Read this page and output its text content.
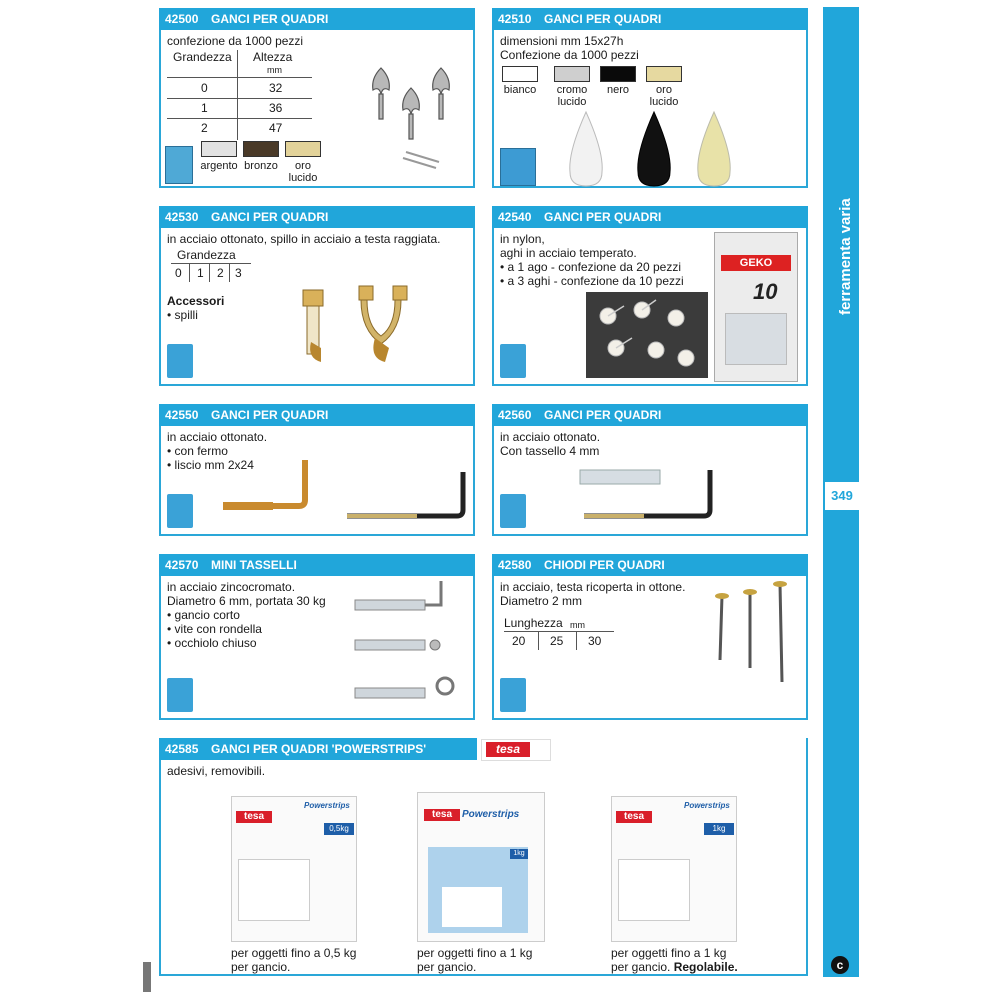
ferramenta varia
349
c
42500 GANCI PER QUADRI
confezione da 1000 pezzi
Grandezza Altezza
mm
0	32
1	36
2	47
argento bronzo	oro
lucido
42510 GANCI PER QUADRI
dimensioni mm 15x27h
Confezione da 1000 pezzi
bianco	cromo
lucido
nero	oro
lucido
42530 GANCI PER QUADRI
in acciaio ottonato, spillo in acciaio a testa raggiata.
Grandezza
0 1 2 3
Accessori
• spilli
42540 GANCI PER QUADRI
in nylon,
aghi in acciaio temperato.
• a 1 ago - confezione da 20 pezzi
• a 3 aghi - confezione da 10 pezzi
GEKO
10
42550 GANCI PER QUADRI
in acciaio ottonato.
• con fermo
• liscio mm 2x24
42560 GANCI PER QUADRI
in acciaio ottonato.
Con tassello 4 mm
42570 MINI TASSELLI
in acciaio zincocromato.
Diametro 6 mm, portata 30 kg
• gancio corto
• vite con rondella
• occhiolo chiuso
42580 CHIODI PER QUADRI
in acciaio, testa ricoperta in ottone.
Diametro 2 mm
Lunghezza mm
20 25 30
42585 GANCI PER QUADRI 'POWERSTRIPS'	tesa
adesivi, removibili.
tesa
Powerstrips
0,5kg
per oggetti fino a 0,5 kg
per gancio.
tesa	Powerstrips
1kg
per oggetti fino a 1 kg
per gancio.
tesa
Powerstrips
1kg
per oggetti fino a 1 kg
per gancio. Regolabile.
